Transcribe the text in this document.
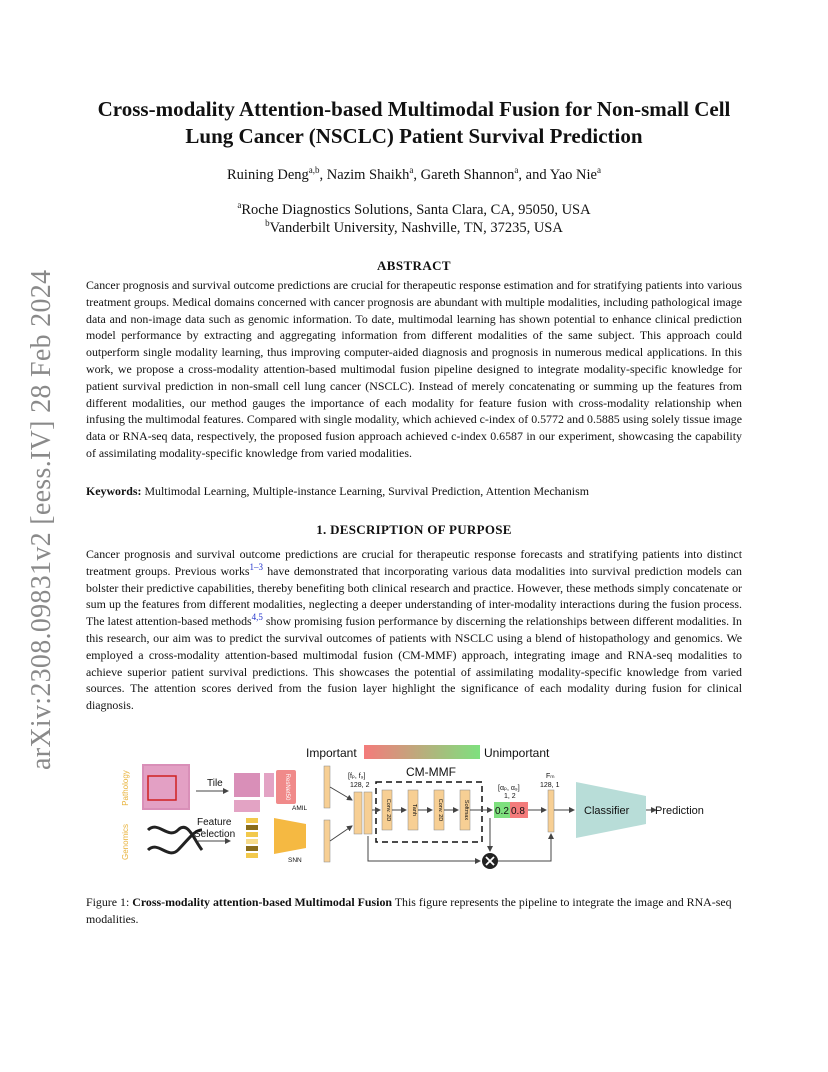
arXiv:2308.09831v2 [eess.IV] 28 Feb 2024
Cross-modality Attention-based Multimodal Fusion for Non-small Cell
Lung Cancer (NSCLC) Patient Survival Prediction
Ruining Deng$^{a,b}$, Nazim Shaikh$^a$, Gareth Shannon$^a$, and Yao Nie$^a$
$^a$Roche Diagnostics Solutions, Santa Clara, CA, 95050, USA
$^b$Vanderbilt University, Nashville, TN, 37235, USA
ABSTRACT

Cancer prognosis and survival outcome predictions are crucial for therapeutic response estimation and for stratifying patients into various treatment groups. Medical domains concerned with cancer prognosis are abundant with multiple modalities, including pathological image data and non-image data such as genomic information. To date, multimodal learning has shown potential to enhance clinical prediction model performance by extracting and aggregating information from different modalities of the same subject. This approach could outperform single modality learning, thus improving computer-aided diagnosis and prognosis in numerous medical applications. In this work, we propose a cross-modality attention-based multimodal fusion pipeline designed to integrate modality-specific knowledge for patient survival prediction in non-small cell lung cancer (NSCLC). Instead of merely concatenating or summing up the features from different modalities, our method gauges the importance of each modality for feature fusion with cross-modality relationship when infusing the multimodal features. Compared with single modality, which achieved c-index of 0.5772 and 0.5885 using solely tissue image data or RNA-seq data, respectively, the proposed fusion approach achieved c-index 0.6587 in our experiment, showcasing the capability of assimilating modality-specific knowledge from varied modalities.

Keywords: Multimodal Learning, Multiple-instance Learning, Survival Prediction, Attention Mechanism
1. DESCRIPTION OF PURPOSE

Cancer prognosis and survival outcome predictions are crucial for therapeutic response forecasts and stratifying patients into distinct treatment groups. Previous works$^{1-3}$ have demonstrated that incorporating various data modalities into survival prediction models can bolster their predictive capabilities, thereby benefiting both clinical research and practice. However, these methods simply concatenate or sum up the features from different modalities, neglecting a deeper understanding of inter-modality interactions during the fusion process. The latest attention-based methods$^{4,5}$ show promising fusion performance by discerning the relationships between different modalities. In this research, our aim was to predict the survival outcomes of patients with NSCLC using a blend of histopathology and genomics. We employed a cross-modality attention-based multimodal fusion (CM-MMF) approach, integrating image and RNA-seq modalities to achieve superior patient survival predictions. This showcases the potential of assimilating modality-specific knowledge from varied sources. The attention scores derived from the fusion layer highlight the significance of each modality during fusion for clinical diagnosis.

Important	Unimportant
Pathology
Genomics
Tile	ResNet50
AMIL
Feature
Selection
SNN
[fₚ, f₉]
128, 2
CM-MMF
Conv. 2D	Tanh	Conv. 2D	Softmax
[αₚ, α₉]
1, 2
0.2 0.8
Fₘ
128, 1
Classifier Prediction

Figure 1: Cross-modality attention-based Multimodal Fusion This figure represents the pipeline to integrate the image and RNA-seq modalities.
